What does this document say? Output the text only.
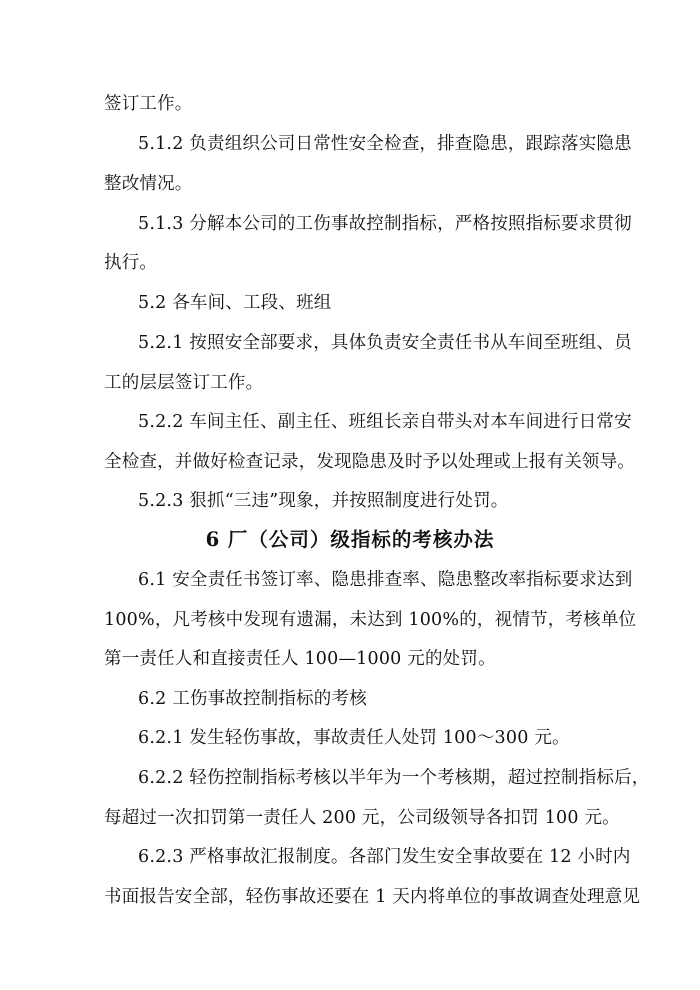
签订工作。
5.1.2 负责组织公司日常性安全检查，排查隐患，跟踪落实隐患
整改情况。
5.1.3 分解本公司的工伤事故控制指标，严格按照指标要求贯彻
执行。
5.2 各车间、工段、班组
5.2.1 按照安全部要求，具体负责安全责任书从车间至班组、员
工的层层签订工作。
5.2.2 车间主任、副主任、班组长亲自带头对本车间进行日常安
全检查，并做好检查记录，发现隐患及时予以处理或上报有关领导。
5.2.3 狠抓“三违”现象，并按照制度进行处罚。
6 厂（公司）级指标的考核办法
6.1 安全责任书签订率、隐患排查率、隐患整改率指标要求达到
100%，凡考核中发现有遗漏，未达到 100%的，视情节，考核单位
第一责任人和直接责任人 100—1000 元的处罚。
6.2 工伤事故控制指标的考核
6.2.1 发生轻伤事故，事故责任人处罚 100～300 元。
6.2.2 轻伤控制指标考核以半年为一个考核期，超过控制指标后，
每超过一次扣罚第一责任人 200 元，公司级领导各扣罚 100 元。
6.2.3 严格事故汇报制度。各部门发生安全事故要在 12 小时内
书面报告安全部，轻伤事故还要在 1 天内将单位的事故调查处理意见
